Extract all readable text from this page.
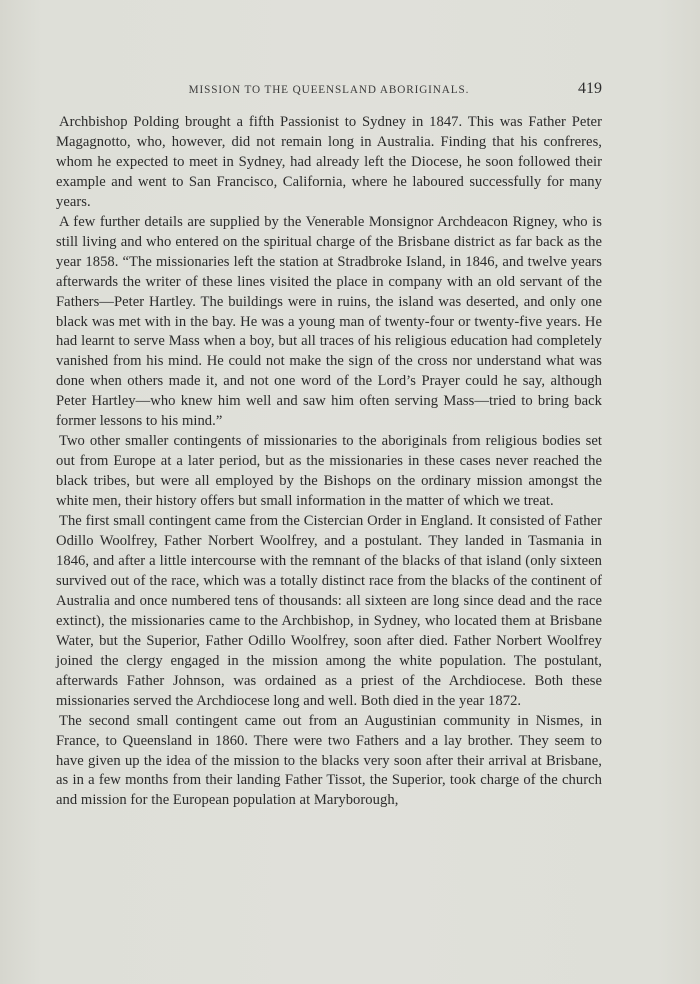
MISSION TO THE QUEENSLAND ABORIGINALS.	419

Archbishop Polding brought a fifth Passionist to Sydney in 1847. This was Father Peter Magagnotto, who, however, did not remain long in Australia. Finding that his confreres, whom he expected to meet in Sydney, had already left the Diocese, he soon followed their example and went to San Francisco, California, where he laboured successfully for many years.

A few further details are supplied by the Venerable Monsignor Archdeacon Rigney, who is still living and who entered on the spiritual charge of the Brisbane district as far back as the year 1858. “The missionaries left the station at Stradbroke Island, in 1846, and twelve years afterwards the writer of these lines visited the place in company with an old servant of the Fathers—Peter Hartley. The buildings were in ruins, the island was deserted, and only one black was met with in the bay. He was a young man of twenty-four or twenty-five years. He had learnt to serve Mass when a boy, but all traces of his religious education had completely vanished from his mind. He could not make the sign of the cross nor understand what was done when others made it, and not one word of the Lord’s Prayer could he say, although Peter Hartley—who knew him well and saw him often serving Mass—tried to bring back former lessons to his mind.”

Two other smaller contingents of missionaries to the aboriginals from religious bodies set out from Europe at a later period, but as the missionaries in these cases never reached the black tribes, but were all employed by the Bishops on the ordinary mission amongst the white men, their history offers but small information in the matter of which we treat.

The first small contingent came from the Cistercian Order in England. It consisted of Father Odillo Woolfrey, Father Norbert Woolfrey, and a postulant. They landed in Tasmania in 1846, and after a little intercourse with the remnant of the blacks of that island (only sixteen survived out of the race, which was a totally distinct race from the blacks of the continent of Australia and once numbered tens of thousands: all sixteen are long since dead and the race extinct), the missionaries came to the Archbishop, in Sydney, who located them at Brisbane Water, but the Superior, Father Odillo Woolfrey, soon after died. Father Norbert Woolfrey joined the clergy engaged in the mission among the white population. The postulant, afterwards Father Johnson, was ordained as a priest of the Archdiocese. Both these missionaries served the Archdiocese long and well. Both died in the year 1872.

The second small contingent came out from an Augustinian community in Nismes, in France, to Queensland in 1860. There were two Fathers and a lay brother. They seem to have given up the idea of the mission to the blacks very soon after their arrival at Brisbane, as in a few months from their landing Father Tissot, the Superior, took charge of the church and mission for the European population at Maryborough,
